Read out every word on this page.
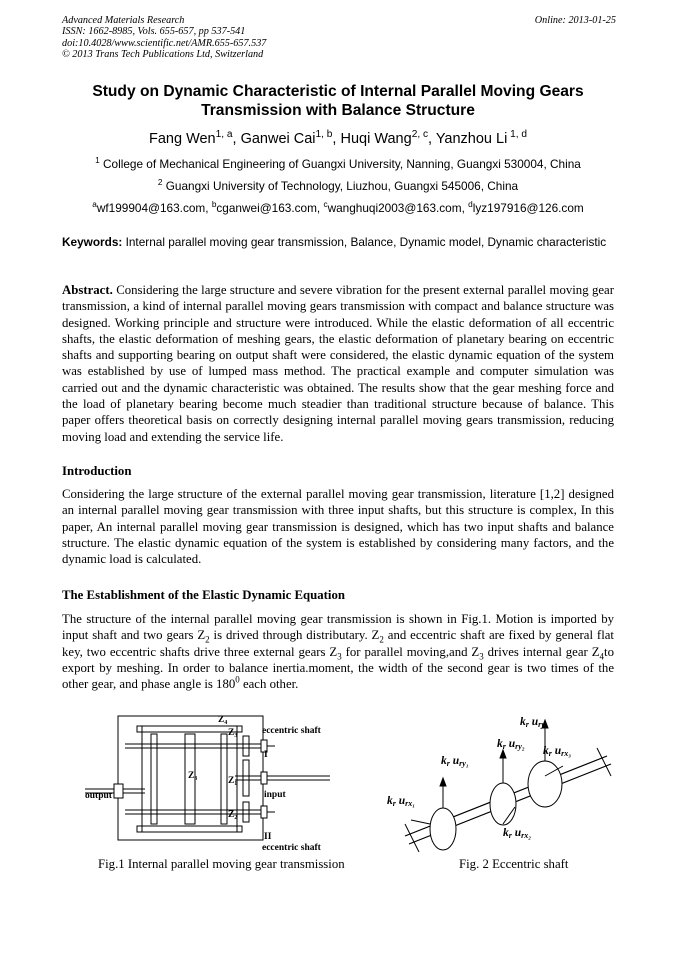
Advanced Materials Research
ISSN: 1662-8985, Vols. 655-657, pp 537-541
doi:10.4028/www.scientific.net/AMR.655-657.537
© 2013 Trans Tech Publications Ltd, Switzerland
Online: 2013-01-25
Study on Dynamic Characteristic of Internal Parallel Moving Gears
Transmission with Balance Structure
Fang Wen$^{1, a}$, Ganwei Cai$^{1, b}$, Huqi Wang$^{2, c}$, Yanzhou Li $^{1, d}$
$^1$ College of Mechanical Engineering of Guangxi University, Nanning, Guangxi 530004, China
$^2$ Guangxi University of Technology, Liuzhou, Guangxi 545006, China
$^a$wf199904@163.com, $^b$cganwei@163.com, $^c$wanghuqi2003@163.com, $^d$lyz197916@126.com
Keywords: Internal parallel moving gear transmission, Balance, Dynamic model, Dynamic characteristic
Abstract. Considering the large structure and severe vibration for the present external parallel moving gear transmission, a kind of internal parallel moving gears transmission with compact and balance structure was designed. Working principle and structure were introduced. While the elastic deformation of all eccentric shafts, the elastic deformation of meshing gears, the elastic deformation of planetary bearing on eccentric shafts and supporting bearing on output shaft were considered, the elastic dynamic equation of the system was established by use of lumped mass method. The practical example and computer simulation was carried out and the dynamic characteristic was obtained. The results show that the gear meshing force and the load of planetary bearing become much steadier than traditional structure because of balance. This paper offers theoretical basis on correctly designing internal parallel moving gears transmission, reducing moving load and extending the service life.
Introduction
Considering the large structure of the external parallel moving gear transmission, literature [1,2] designed an internal parallel moving gear transmission with three input shafts, but this structure is complex, In this paper, An internal parallel moving gear transmission is designed, which has two input shafts and balance structure. The elastic dynamic equation of the system is established by considering many factors, and the dynamic load is calculated.
The Establishment of the Elastic Dynamic Equation
The structure of the internal parallel moving gear transmission is shown in Fig.1. Motion is imported by input shaft and two gears $Z_2$ is drived through distributary. $Z_2$ and eccentric shaft are fixed by general flat key, two eccentric shafts drive three external gears $Z_3$ for parallel moving,and $Z_3$ drives internal gear $Z_4to$ export by meshing. In order to balance inertia.moment, the width of the second gear is two times of the other gear, and phase angle is $180^0$ each other.
Z₄
Z₃
Z₃	Z₁
Z₂
eccentric shaft
I
input
II
eccentric shaft
output
Fig.1 Internal parallel moving gear transmission
kr ury₃
kr ury₂ kr urx₃
kr ury₁
kr urx₁
kr urx₂
Fig. 2 Eccentric shaft
